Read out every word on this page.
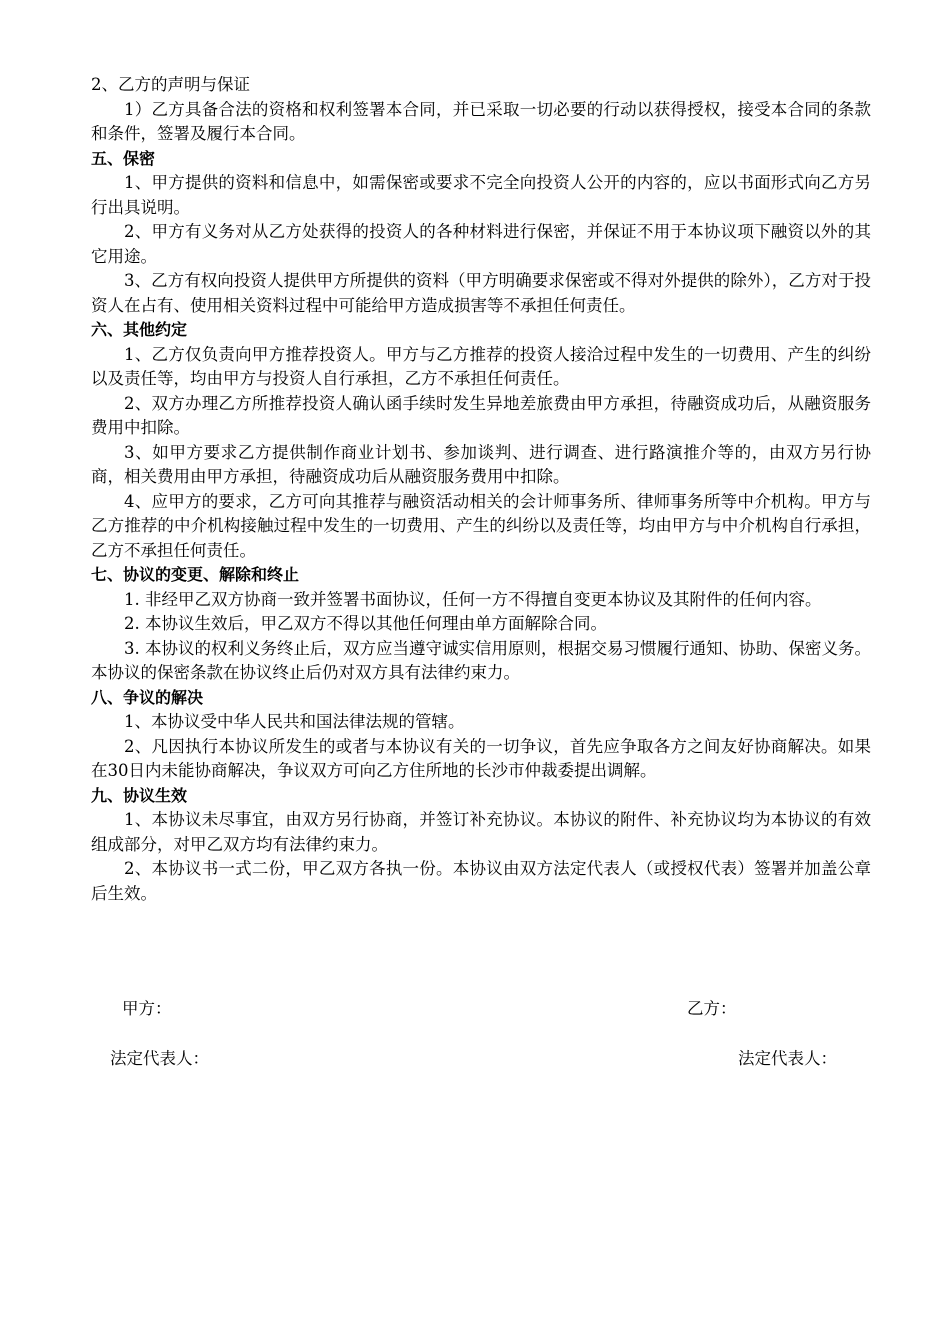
2、乙方的声明与保证
1）乙方具备合法的资格和权利签署本合同，并已采取一切必要的行动以获得授权，接受本合同的条款和条件，签署及履行本合同。
五、保密
1、甲方提供的资料和信息中，如需保密或要求不完全向投资人公开的内容的，应以书面形式向乙方另行出具说明。
2、甲方有义务对从乙方处获得的投资人的各种材料进行保密，并保证不用于本协议项下融资以外的其它用途。
3、乙方有权向投资人提供甲方所提供的资料（甲方明确要求保密或不得对外提供的除外），乙方对于投资人在占有、使用相关资料过程中可能给甲方造成损害等不承担任何责任。
六、其他约定
1、乙方仅负责向甲方推荐投资人。甲方与乙方推荐的投资人接洽过程中发生的一切费用、产生的纠纷以及责任等，均由甲方与投资人自行承担，乙方不承担任何责任。
2、双方办理乙方所推荐投资人确认函手续时发生异地差旅费由甲方承担，待融资成功后，从融资服务费用中扣除。
3、如甲方要求乙方提供制作商业计划书、参加谈判、进行调查、进行路演推介等的，由双方另行协商，相关费用由甲方承担，待融资成功后从融资服务费用中扣除。
4、应甲方的要求，乙方可向其推荐与融资活动相关的会计师事务所、律师事务所等中介机构。甲方与乙方推荐的中介机构接触过程中发生的一切费用、产生的纠纷以及责任等，均由甲方与中介机构自行承担，乙方不承担任何责任。
七、协议的变更、解除和终止
1. 非经甲乙双方协商一致并签署书面协议，任何一方不得擅自变更本协议及其附件的任何内容。
2. 本协议生效后，甲乙双方不得以其他任何理由单方面解除合同。
3. 本协议的权利义务终止后，双方应当遵守诚实信用原则，根据交易习惯履行通知、协助、保密义务。本协议的保密条款在协议终止后仍对双方具有法律约束力。
八、争议的解决
1、本协议受中华人民共和国法律法规的管辖。
2、凡因执行本协议所发生的或者与本协议有关的一切争议，首先应争取各方之间友好协商解决。如果在30日内未能协商解决，争议双方可向乙方住所地的长沙市仲裁委提出调解。
九、协议生效
1、本协议未尽事宜，由双方另行协商，并签订补充协议。本协议的附件、补充协议均为本协议的有效组成部分，对甲乙双方均有法律约束力。
2、本协议书一式二份，甲乙双方各执一份。本协议由双方法定代表人（或授权代表）签署并加盖公章后生效。
甲方：	乙方：
法定代表人：	法定代表人：
